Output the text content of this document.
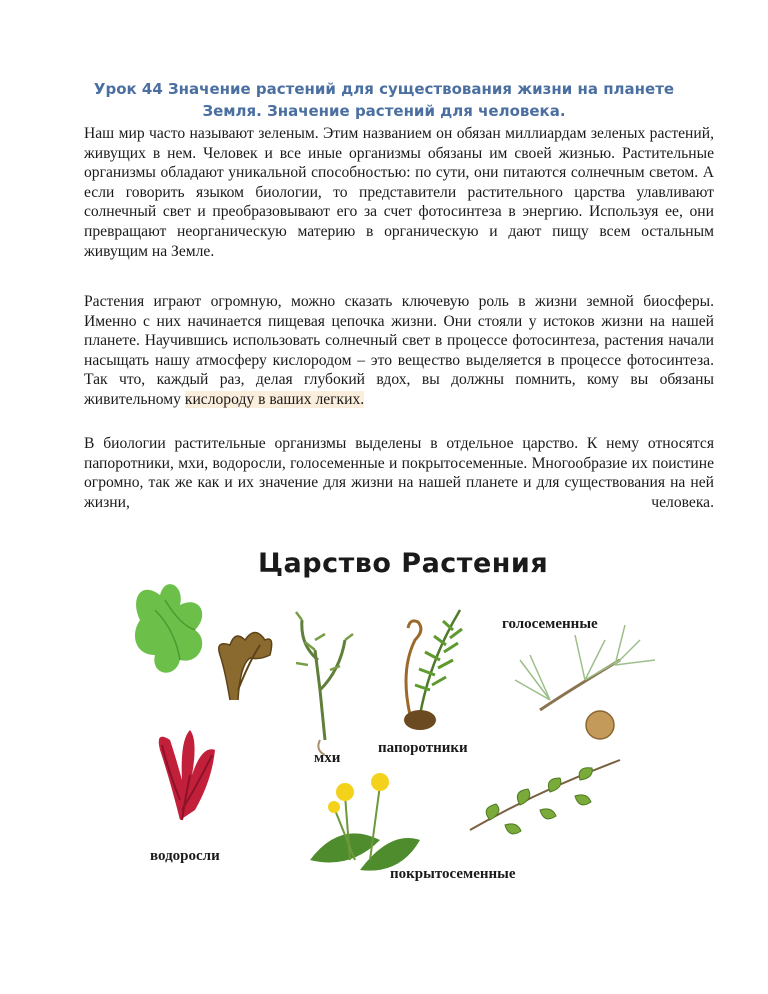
Урок 44 Значение растений для существования жизни на планете
Земля. Значение растений для человека.
Наш мир часто называют зеленым. Этим названием он обязан миллиардам зеленых растений, живущих в нем. Человек и все иные организмы обязаны им своей жизнью. Растительные организмы обладают уникальной способностью: по сути, они питаются солнечным светом. А если говорить языком биологии, то представители растительного царства улавливают солнечный свет и преобразовывают его за счет фотосинтеза в энергию. Используя ее, они превращают неорганическую материю в органическую и дают пищу всем остальным живущим на Земле.
Растения играют огромную, можно сказать ключевую роль в жизни земной биосферы. Именно с них начинается пищевая цепочка жизни. Они стояли у истоков жизни на нашей планете. Научившись использовать солнечный свет в процессе фотосинтеза, растения начали насыщать нашу атмосферу кислородом – это вещество выделяется в процессе фотосинтеза. Так что, каждый раз, делая глубокий вдох, вы должны помнить, кому вы обязаны живительному кислороду в ваших легких.
В биологии растительные организмы выделены в отдельное царство. К нему относятся папоротники, мхи, водоросли, голосеменные и покрытосеменные. Многообразие их поистине огромно, так же как и их значение для жизни на нашей планете и для существования на ней жизни, человека.
Царство Растения
голосеменные
мхи
папоротники
водоросли
покрытосеменные
